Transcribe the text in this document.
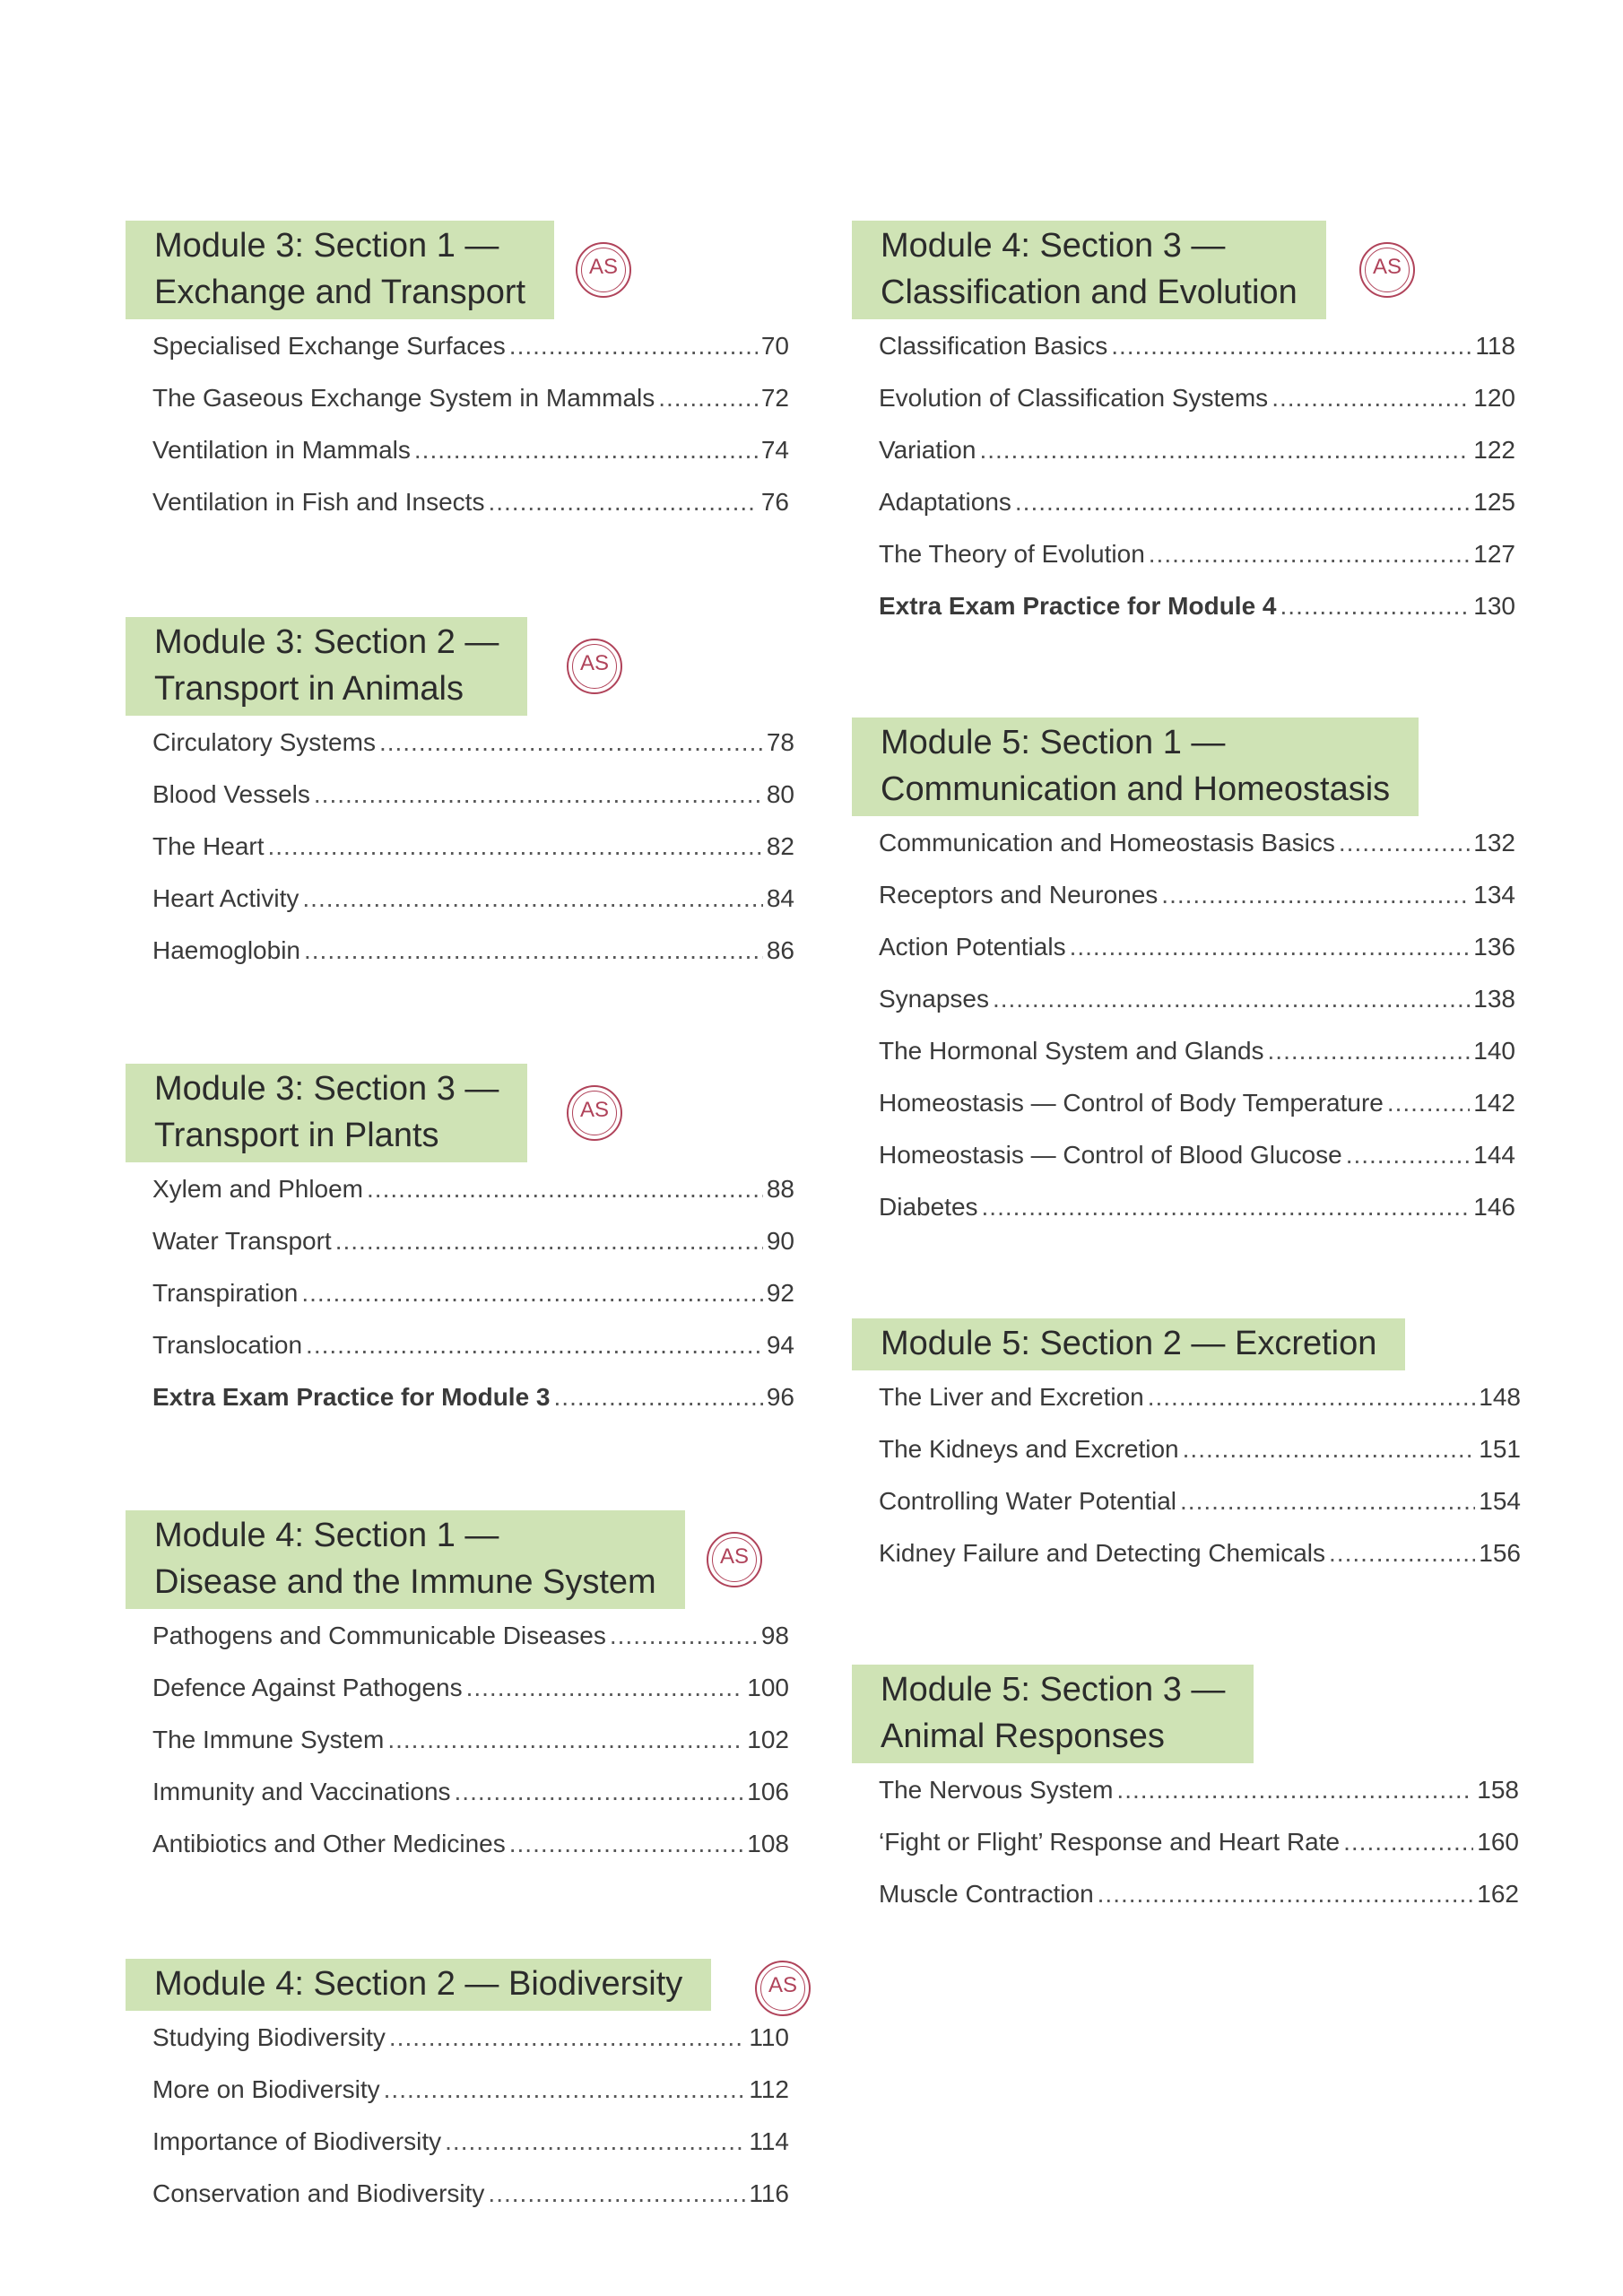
Module 3: Section 1 —
Exchange and Transport
AS
Specialised Exchange Surfaces .....	70
The Gaseous Exchange System in Mammals .....	72
Ventilation in Mammals .....	74
Ventilation in Fish and Insects .....	76
Module 3: Section 2 —
Transport in Animals
AS
Circulatory Systems .....	78
Blood Vessels .....	80
The Heart .....	82
Heart Activity .....	84
Haemoglobin .....	86
Module 3: Section 3 —
Transport in Plants
AS
Xylem and Phloem .....	88
Water Transport .....	90
Transpiration .....	92
Translocation .....	94
Extra Exam Practice for Module 3 .....	96
Module 4: Section 1 —
Disease and the Immune System
AS
Pathogens and Communicable Diseases .....	98
Defence Against Pathogens .....	100
The Immune System .....	102
Immunity and Vaccinations .....	106
Antibiotics and Other Medicines .....	108
Module 4: Section 2 — Biodiversity	AS
Studying Biodiversity .....	110
More on Biodiversity .....	112
Importance of Biodiversity .....	114
Conservation and Biodiversity .....	116
Module 4: Section 3 —
Classification and Evolution
AS
Classification Basics .....	118
Evolution of Classification Systems .....	120
Variation .....	122
Adaptations .....	125
The Theory of Evolution .....	127
Extra Exam Practice for Module 4 .....	130
Module 5: Section 1 —
Communication and Homeostasis
Communication and Homeostasis Basics .....	132
Receptors and Neurones .....	134
Action Potentials .....	136
Synapses .....	138
The Hormonal System and Glands .....	140
Homeostasis — Control of Body Temperature .....	142
Homeostasis — Control of Blood Glucose .....	144
Diabetes .....	146
Module 5: Section 2 — Excretion
The Liver and Excretion .....	148
The Kidneys and Excretion .....	151
Controlling Water Potential .....	154
Kidney Failure and Detecting Chemicals .....	156
Module 5: Section 3 —
Animal Responses
The Nervous System .....	158
‘Fight or Flight’ Response and Heart Rate .....	160
Muscle Contraction .....	162
